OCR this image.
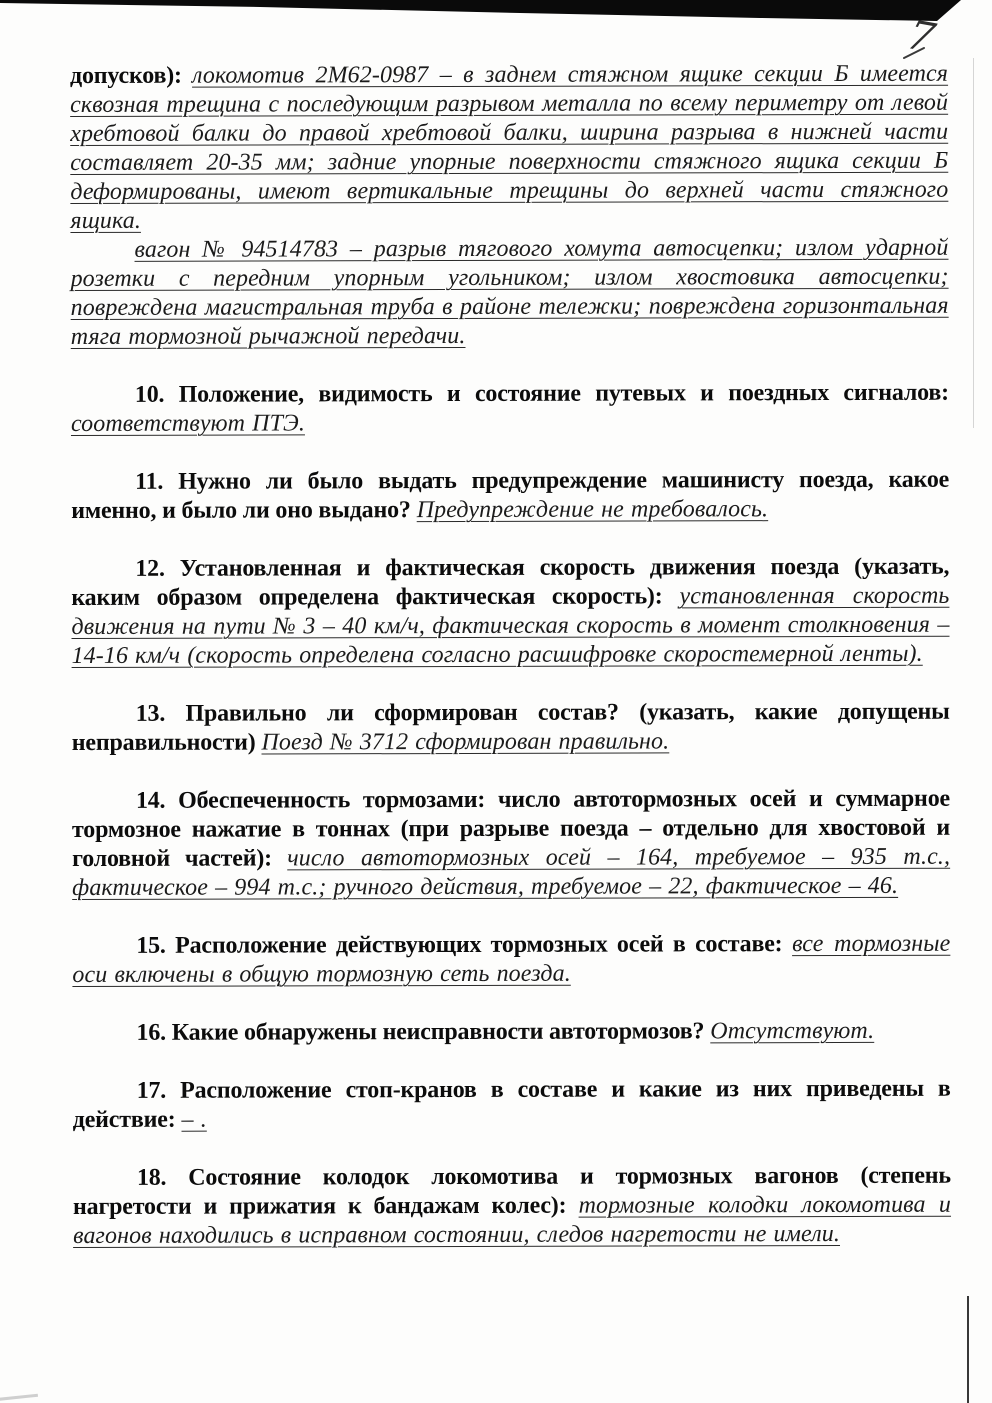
7

допусков): локомотив 2М62-0987 – в заднем стяжном ящике секции Б имеется сквозная трещина с последующим разрывом металла по всему периметру от левой хребтовой балки до правой хребтовой балки, ширина разрыва в нижней части составляет 20-35 мм; задние упорные поверхности стяжного ящика секции Б деформированы, имеют вертикальные трещины до верхней части стяжного ящика.

вагон № 94514783 – разрыв тягового хомута автосцепки; излом ударной розетки с передним упорным угольником; излом хвостовика автосцепки; повреждена магистральная труба в районе тележки; повреждена горизонтальная тяга тормозной рычажной передачи.

10. Положение, видимость и состояние путевых и поездных сигналов: соответствуют ПТЭ.

11. Нужно ли было выдать предупреждение машинисту поезда, какое именно, и было ли оно выдано? Предупреждение не требовалось.

12. Установленная и фактическая скорость движения поезда (указать, каким образом определена фактическая скорость): установленная скорость движения на пути № 3 – 40 км/ч, фактическая скорость в момент столкновения – 14-16 км/ч (скорость определена согласно расшифровке скоростемерной ленты).

13. Правильно ли сформирован состав? (указать, какие допущены неправильности) Поезд № 3712 сформирован правильно.

14. Обеспеченность тормозами: число автотормозных осей и суммарное тормозное нажатие в тоннах (при разрыве поезда – отдельно для хвостовой и головной частей): число автотормозных осей – 164, требуемое – 935 т.с., фактическое – 994 т.с.; ручного действия, требуемое – 22, фактическое – 46.

15. Расположение действующих тормозных осей в составе: все тормозные оси включены в общую тормозную сеть поезда.

16. Какие обнаружены неисправности автотормозов? Отсутствуют.

17. Расположение стоп-кранов в составе и какие из них приведены в действие: – .

18. Состояние колодок локомотива и тормозных вагонов (степень нагретости и прижатия к бандажам колес): тормозные колодки локомотива и вагонов находились в исправном состоянии, следов нагретости не имели.
